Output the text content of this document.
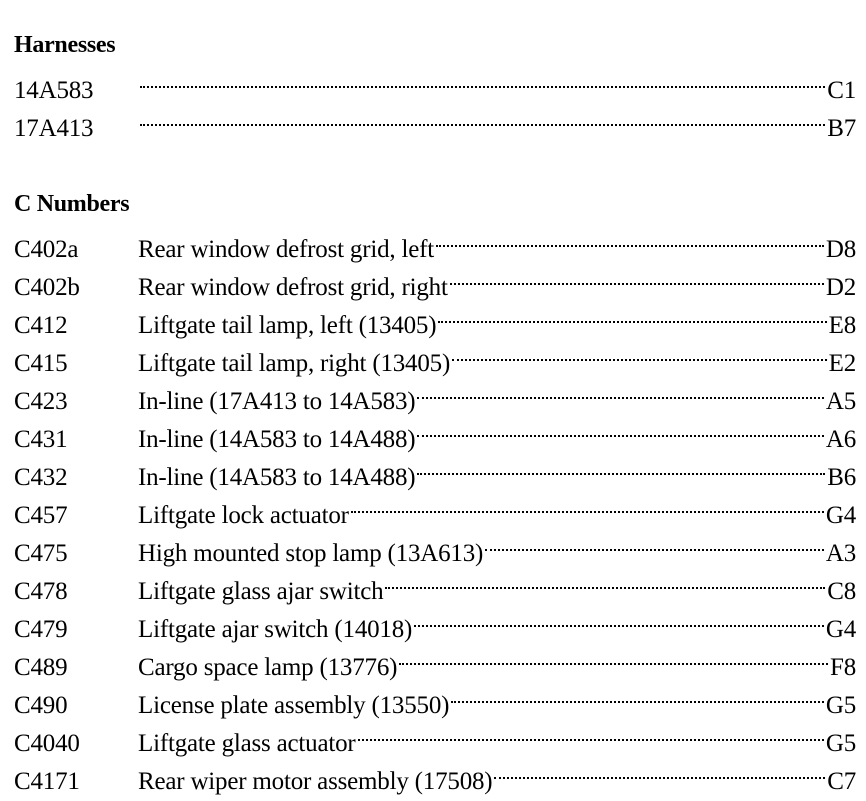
Harnesses
14A583	C1
17A413	B7
C Numbers
C402a	Rear window defrost grid, left	D8
C402b	Rear window defrost grid, right	D2
C412	Liftgate tail lamp, left (13405)	E8
C415	Liftgate tail lamp, right (13405)	E2
C423	In-line (17A413 to 14A583)	A5
C431	In-line (14A583 to 14A488)	A6
C432	In-line (14A583 to 14A488)	B6
C457	Liftgate lock actuator	G4
C475	High mounted stop lamp (13A613)	A3
C478	Liftgate glass ajar switch	C8
C479	Liftgate ajar switch (14018)	G4
C489	Cargo space lamp (13776)	F8
C490	License plate assembly (13550)	G5
C4040	Liftgate glass actuator	G5
C4171	Rear wiper motor assembly (17508)	C7
